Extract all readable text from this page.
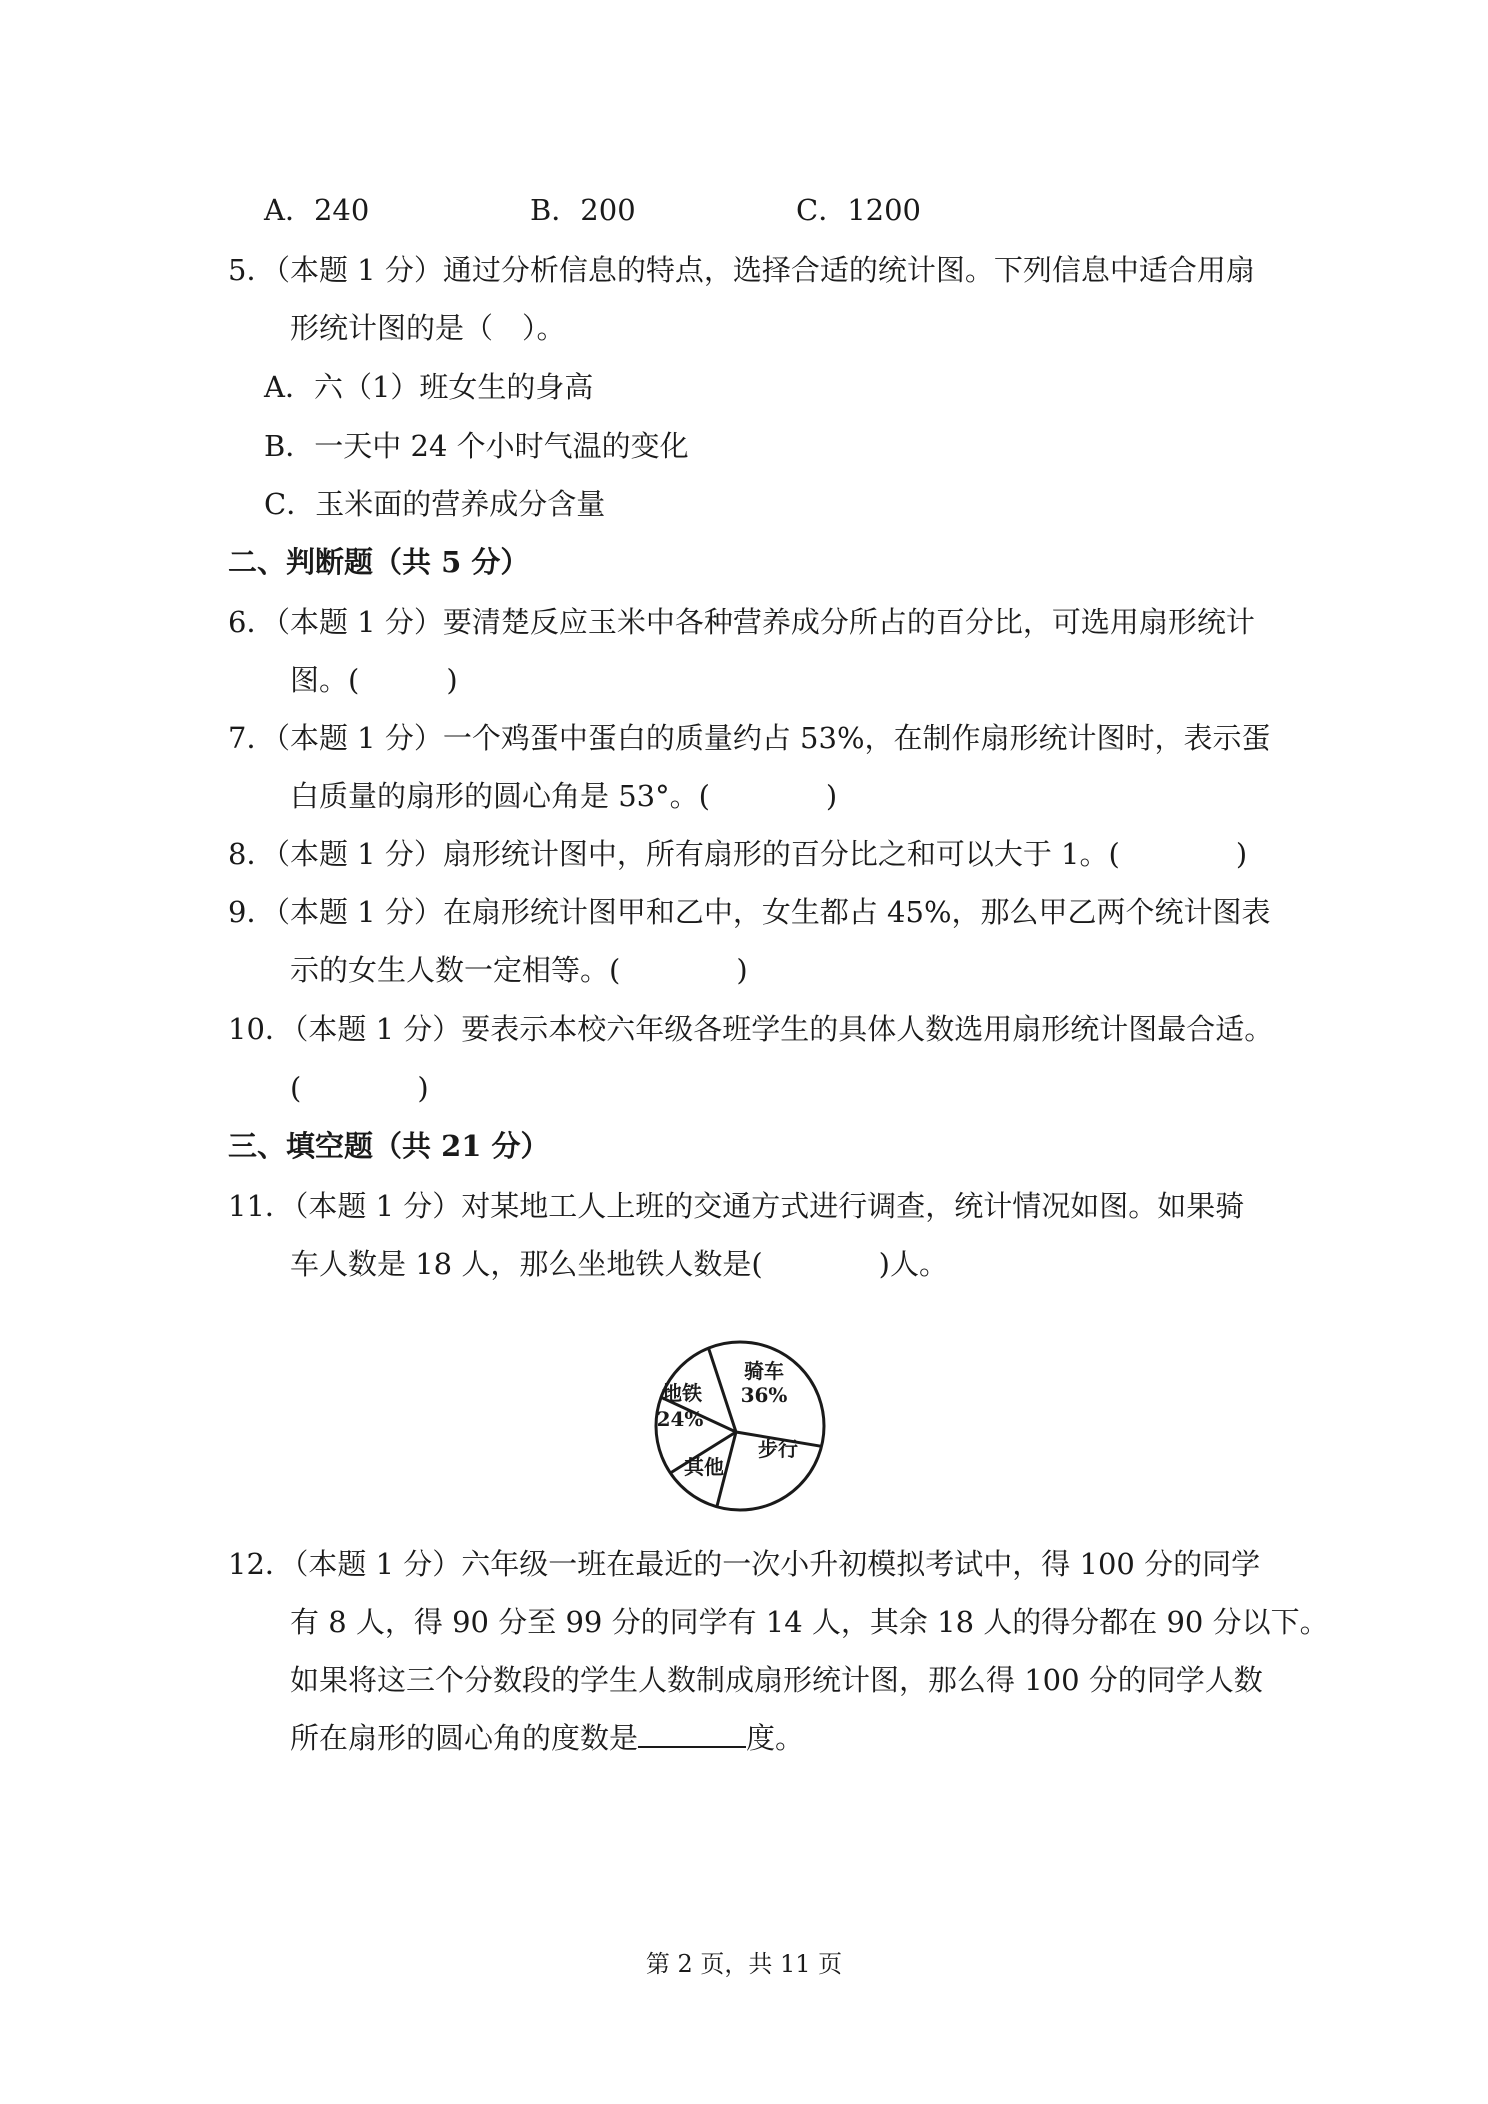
A．240	B．200	C．1200
5．（本题 1 分）通过分析信息的特点，选择合适的统计图。下列信息中适合用扇
形统计图的是（　）。
A．六（1）班女生的身高
B．一天中 24 个小时气温的变化
C．玉米面的营养成分含量
二、判断题（共 5 分）
6．（本题 1 分）要清楚反应玉米中各种营养成分所占的百分比，可选用扇形统计
图。(　　　)
7．（本题 1 分）一个鸡蛋中蛋白的质量约占 53%，在制作扇形统计图时，表示蛋
白质量的扇形的圆心角是 53°。(　　　　)
8．（本题 1 分）扇形统计图中，所有扇形的百分比之和可以大于 1。(　　　　)
9．（本题 1 分）在扇形统计图甲和乙中，女生都占 45%，那么甲乙两个统计图表
示的女生人数一定相等。(　　　　)
10．（本题 1 分）要表示本校六年级各班学生的具体人数选用扇形统计图最合适。
(　　　　)
三、填空题（共 21 分）
11．（本题 1 分）对某地工人上班的交通方式进行调查，统计情况如图。如果骑
车人数是 18 人，那么坐地铁人数是(　　　　)人。
骑车
36%
步行
其他
地铁
24%
12．（本题 1 分）六年级一班在最近的一次小升初模拟考试中，得 100 分的同学
有 8 人，得 90 分至 99 分的同学有 14 人，其余 18 人的得分都在 90 分以下。
如果将这三个分数段的学生人数制成扇形统计图，那么得 100 分的同学人数
所在扇形的圆心角的度数是	度。
第 2 页，共 11 页
